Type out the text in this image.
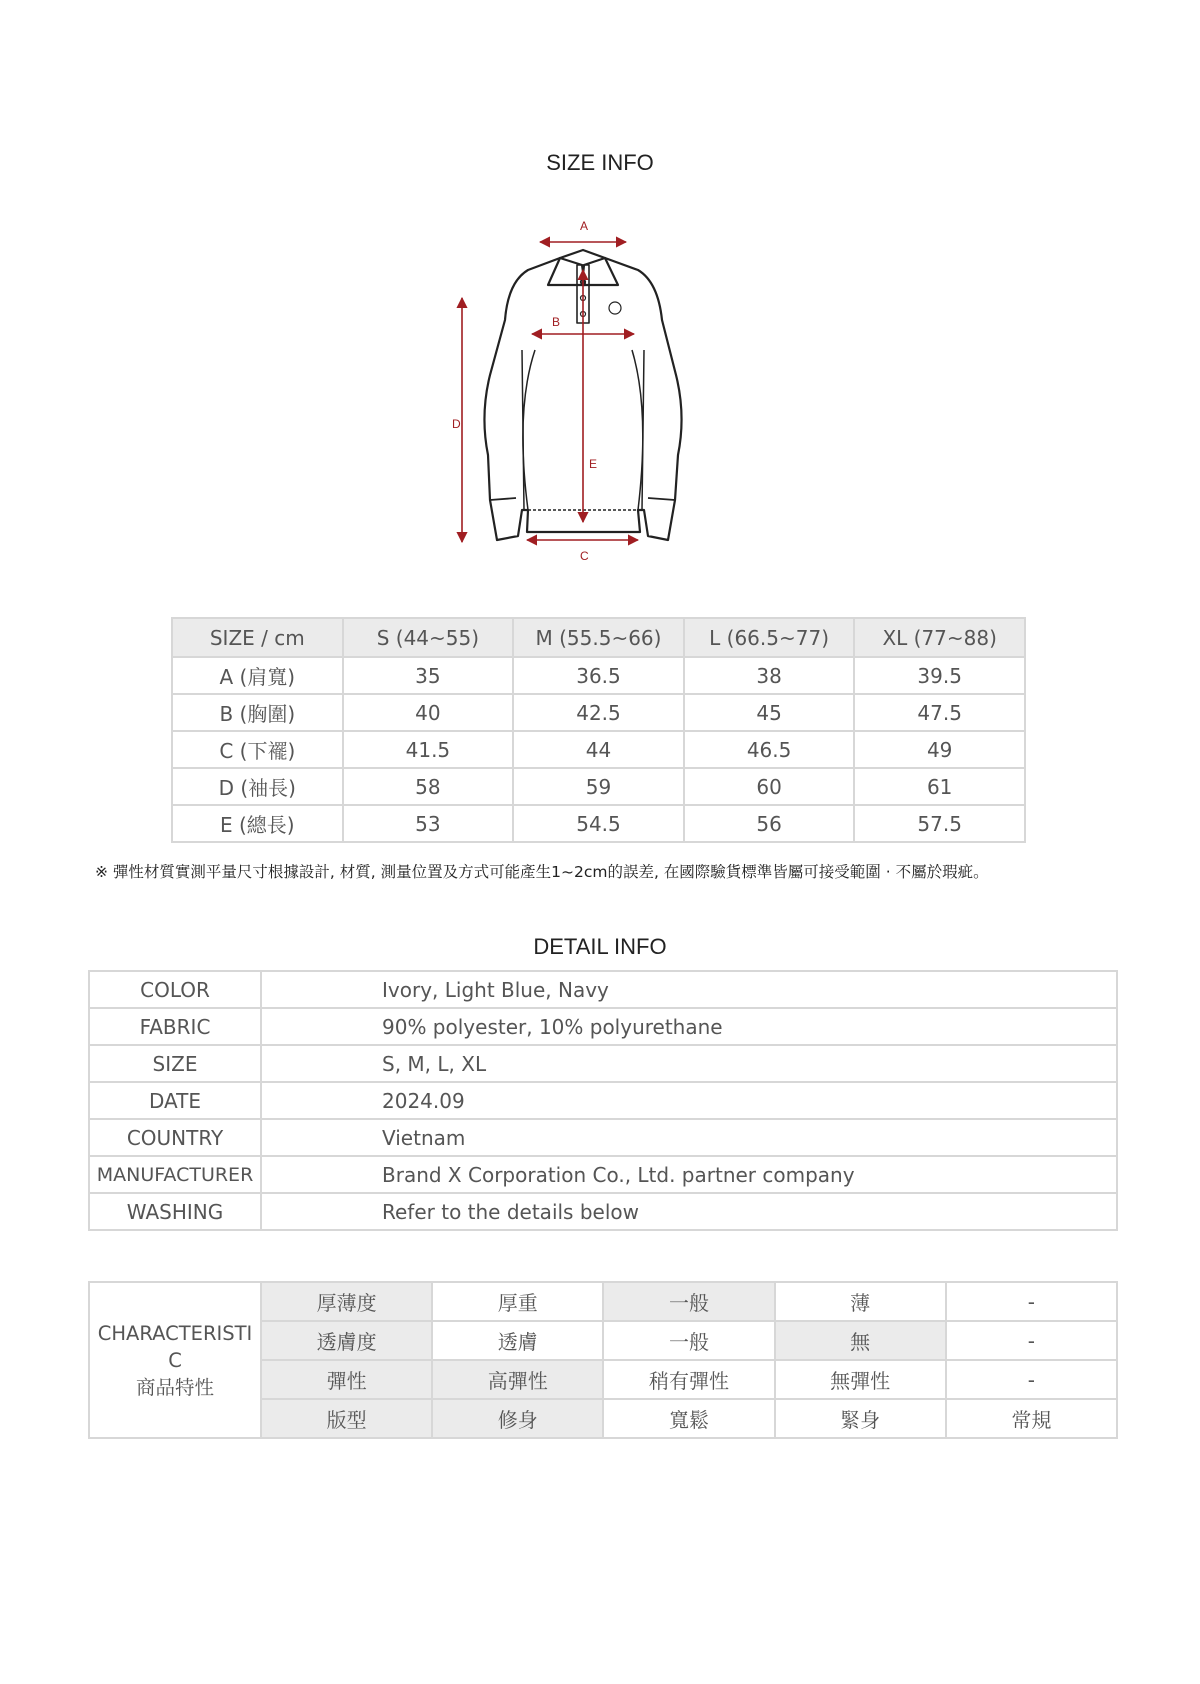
SIZE INFO
A
B
C
D
E
SIZE / cm	S (44~55)	M (55.5~66)	L (66.5~77)	XL (77~88)
A (肩寬)	35	36.5	38	39.5
B (胸圍)	40	42.5	45	47.5
C (下襬)	41.5	44	46.5	49
D (袖長)	58	59	60	61
E (總長)	53	54.5	56	57.5
※ 彈性材質實測平量尺寸根據設計, 材質, 測量位置及方式可能產生1~2cm的誤差, 在國際驗貨標準皆屬可接受範圍 · 不屬於瑕疵。
DETAIL INFO
COLOR	Ivory, Light Blue, Navy
FABRIC	90% polyester, 10% polyurethane
SIZE	S, M, L, XL
DATE	2024.09
COUNTRY	Vietnam
MANUFACTURER	Brand X Corporation Co., Ltd. partner company
WASHING	Refer to the details below
CHARACTERISTI
C
商品特性	厚薄度	厚重	一般	薄	-
	透膚度	透膚	一般	無	-
	彈性	高彈性	稍有彈性	無彈性	-
	版型	修身	寬鬆	緊身	常規
